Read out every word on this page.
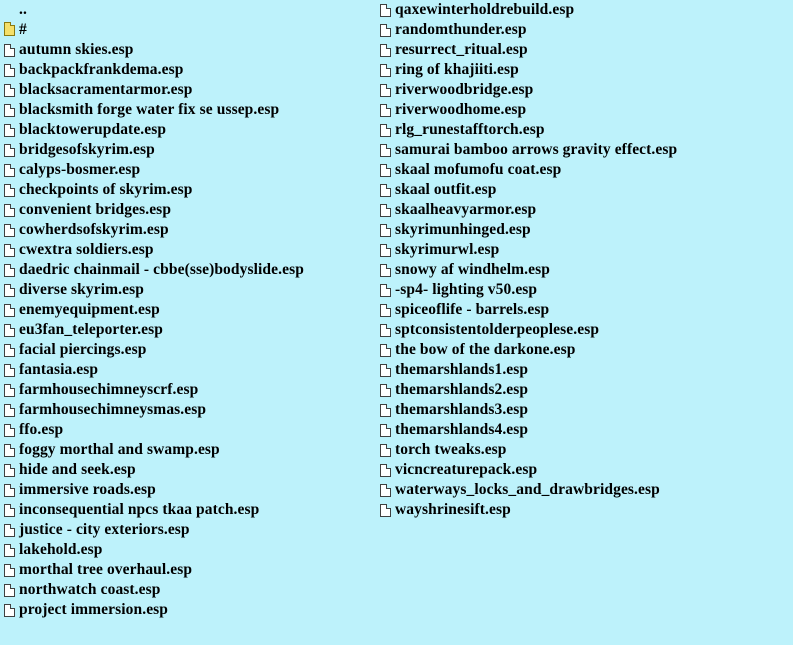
..
#
autumn skies.esp
backpackfrankdema.esp
blacksacramentarmor.esp
blacksmith forge water fix se ussep.esp
blacktowerupdate.esp
bridgesofskyrim.esp
calyps-bosmer.esp
checkpoints of skyrim.esp
convenient bridges.esp
cowherdsofskyrim.esp
cwextra soldiers.esp
daedric chainmail - cbbe(sse)bodyslide.esp
diverse skyrim.esp
enemyequipment.esp
eu3fan_teleporter.esp
facial piercings.esp
fantasia.esp
farmhousechimneyscrf.esp
farmhousechimneysmas.esp
ffo.esp
foggy morthal and swamp.esp
hide and seek.esp
immersive roads.esp
inconsequential npcs tkaa patch.esp
justice - city exteriors.esp
lakehold.esp
morthal tree overhaul.esp
northwatch coast.esp
project immersion.esp
qaxewinterholdrebuild.esp
randomthunder.esp
resurrect_ritual.esp
ring of khajiiti.esp
riverwoodbridge.esp
riverwoodhome.esp
rlg_runestafftorch.esp
samurai bamboo arrows gravity effect.esp
skaal mofumofu coat.esp
skaal outfit.esp
skaalheavyarmor.esp
skyrimunhinged.esp
skyrimurwl.esp
snowy af windhelm.esp
-sp4- lighting v50.esp
spiceoflife - barrels.esp
sptconsistentolderpeoplese.esp
the bow of the darkone.esp
themarshlands1.esp
themarshlands2.esp
themarshlands3.esp
themarshlands4.esp
torch tweaks.esp
vicncreaturepack.esp
waterways_locks_and_drawbridges.esp
wayshrinesift.esp
